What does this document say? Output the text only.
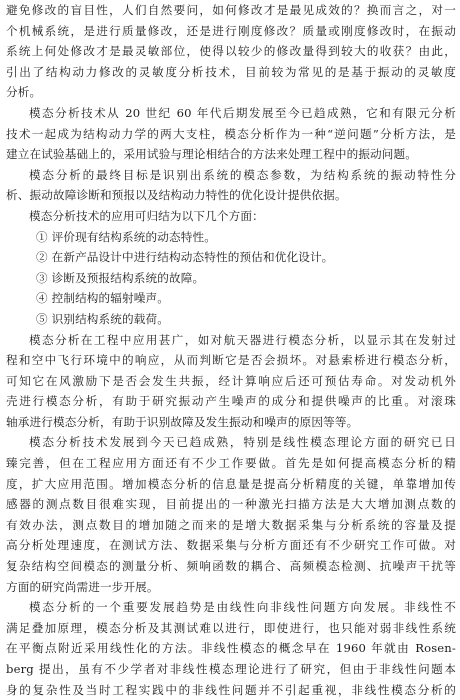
避免修改的盲目性，人们自然要问，如何修改才是最见成效的？换而言之，对一
个机械系统，是进行质量修改，还是进行刚度修改？质量或刚度修改时，在振动
系统上何处修改才是最灵敏部位，使得以较少的修改量得到较大的收获？由此，
引出了结构动力修改的灵敏度分析技术，目前较为常见的是基于振动的灵敏度
分析。
模态分析技术从 20 世纪 60 年代后期发展至今已趋成熟，它和有限元分析
技术一起成为结构动力学的两大支柱，模态分析作为一种“逆问题”分析方法，是
建立在试验基础上的，采用试验与理论相结合的方法来处理工程中的振动问题。
模态分析的最终目标是识别出系统的模态参数，为结构系统的振动特性分
析、振动故障诊断和预报以及结构动力特性的优化设计提供依据。
模态分析技术的应用可归结为以下几个方面：
① 评价现有结构系统的动态特性。
② 在新产品设计中进行结构动态特性的预估和优化设计。
③ 诊断及预报结构系统的故障。
④ 控制结构的辐射噪声。
⑤ 识别结构系统的载荷。
模态分析在工程中应用甚广，如对航天器进行模态分析，以显示其在发射过
程和空中飞行环境中的响应，从而判断它是否会损坏。对悬索桥进行模态分析，
可知它在风激励下是否会发生共振，经计算响应后还可预估寿命。对发动机外
壳进行模态分析，有助于研究振动产生噪声的成分和提供噪声的比重。对滚珠
轴承进行模态分析，有助于识别故障及发生振动和噪声的原因等等。
模态分析技术发展到今天已趋成熟，特别是线性模态理论方面的研究已日
臻完善，但在工程应用方面还有不少工作要做。首先是如何提高模态分析的精
度，扩大应用范围。增加模态分析的信息量是提高分析精度的关键，单靠增加传
感器的测点数目很难实现，目前提出的一种激光扫描方法是大大增加测点数的
有效办法，测点数目的增加随之而来的是增大数据采集与分析系统的容量及提
高分析处理速度，在测试方法、数据采集与分析方面还有不少研究工作可做。对
复杂结构空间模态的测量分析、频响函数的耦合、高频模态检测、抗噪声干扰等
方面的研究尚需进一步开展。
模态分析的一个重要发展趋势是由线性向非线性问题方向发展。非线性不
满足叠加原理，模态分析及其测试难以进行，即使进行，也只能对弱非线性系统
在平衡点附近采用线性化的方法。非线性模态的概念早在 1960 年就由 Rosen-
berg 提出，虽有不少学者对非线性模态理论进行了研究，但由于非线性问题本
身的复杂性及当时工程实践中的非线性问题并不引起重视，非线性模态分析的
